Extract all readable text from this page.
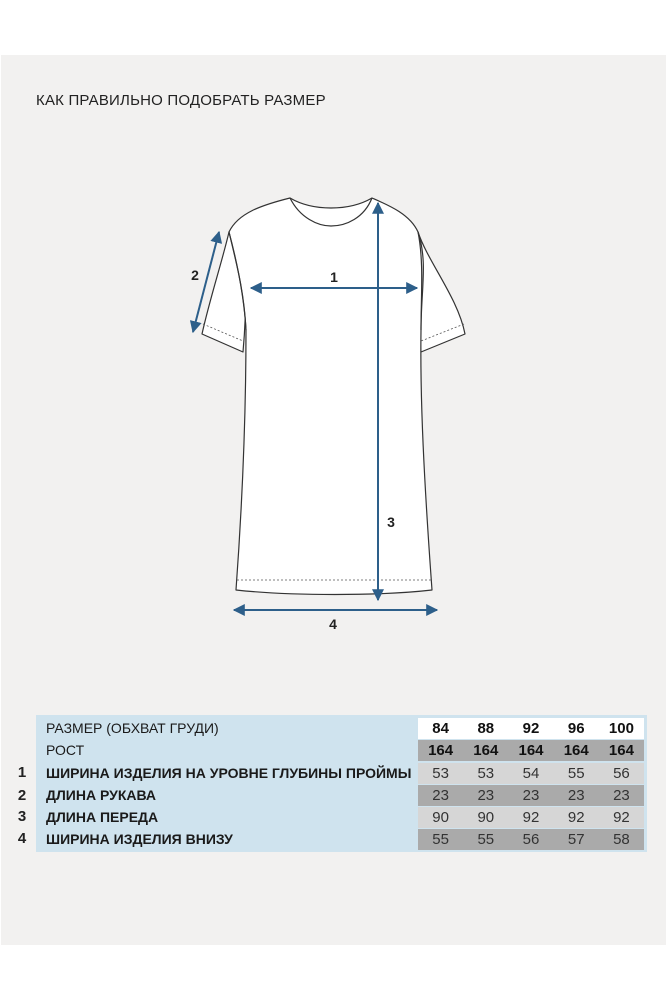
КАК ПРАВИЛЬНО ПОДОБРАТЬ РАЗМЕР
1
2
3
4
РАЗМЕР (ОБХВАТ ГРУДИ)	84	88	92	96	100
РОСТ	164	164	164	164	164
ШИРИНА ИЗДЕЛИЯ НА УРОВНЕ ГЛУБИНЫ ПРОЙМЫ	53	53	54	55	56
ДЛИНА РУКАВА	23	23	23	23	23
ДЛИНА ПЕРЕДА	90	90	92	92	92
ШИРИНА ИЗДЕЛИЯ ВНИЗУ	55	55	56	57	58
1
2
3
4
